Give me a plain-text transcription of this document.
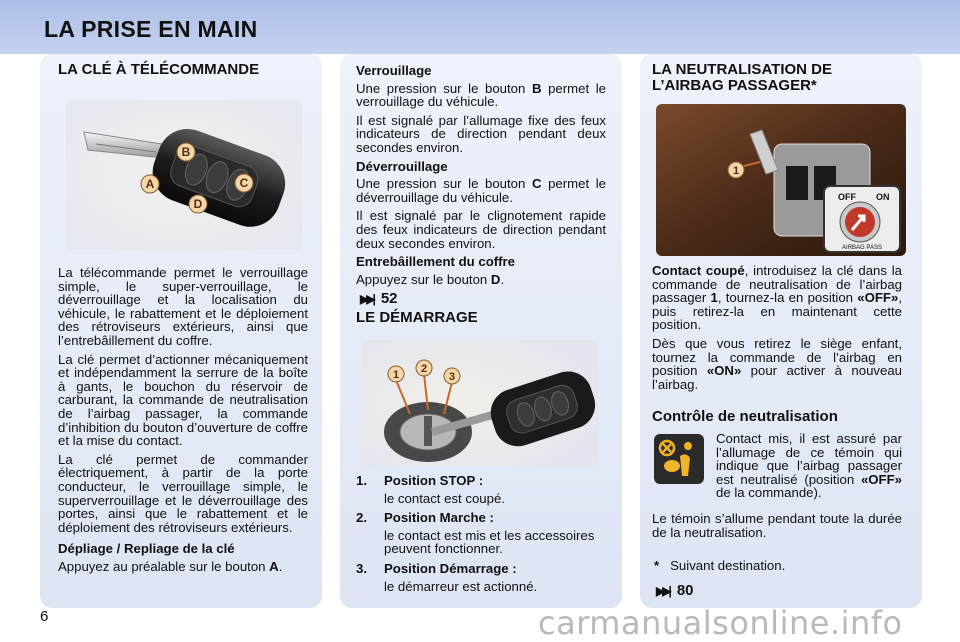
LA PRISE EN MAIN
LA CLÉ À TÉLÉCOMMANDE
B
A	C
D

La télécommande permet le verrouillage simple, le super-verrouillage, le déverrouillage et la localisation du véhicule, le rabattement et le déploiement des rétroviseurs extérieurs, ainsi que l’entrebâillement du coffre.

La clé permet d’actionner mécaniquement et indépendamment la serrure de la boîte à gants, le bouchon du réservoir de carburant, la commande de neutralisation de l’airbag passager, la commande d’inhibition du bouton d’ouverture de coffre et la mise du contact.

La clé permet de commander électriquement, à partir de la porte conducteur, le verrouillage simple, le superverrouillage et le déverrouillage des portes, ainsi que le rabattement et le déploiement des rétroviseurs extérieurs.

Dépliage / Repliage de la clé

Appuyez au préalable sur le bouton A.

Verrouillage

Une pression sur le bouton B permet le verrouillage du véhicule.

Il est signalé par l’allumage fixe des feux indicateurs de direction pendant deux secondes environ.

Déverrouillage

Une pression sur le bouton C permet le déverrouillage du véhicule.

Il est signalé par le clignotement rapide des feux indicateurs de direction pendant deux secondes environ.

Entrebâillement du coffre

Appuyez sur le bouton D.

▶▶| 52
LE DÉMARRAGE
1 2
3
1. Position STOP :
le contact est coupé.
2. Position Marche :
le contact est mis et les accessoires peuvent fonctionner.
3. Position Démarrage :
le démarreur est actionné.
LA NEUTRALISATION DE L’AIRBAG PASSAGER*
1
OFF ON
AIRBAG PASS

Contact coupé, introduisez la clé dans la commande de neutralisation de l’airbag passager 1, tournez-la en position «OFF», puis retirez-la en maintenant cette position.

Dès que vous retirez le siège enfant, tournez la commande de l’airbag en position «ON» pour activer à nouveau l’airbag.

Contrôle de neutralisation

Contact mis, il est assuré par l’allumage de ce témoin qui indique que l’airbag passager est neutralisé (position «OFF» de la commande).

Le témoin s’allume pendant toute la durée de la neutralisation.

* Suivant destination.

▶▶| 80
6	carmanualsonline.info
